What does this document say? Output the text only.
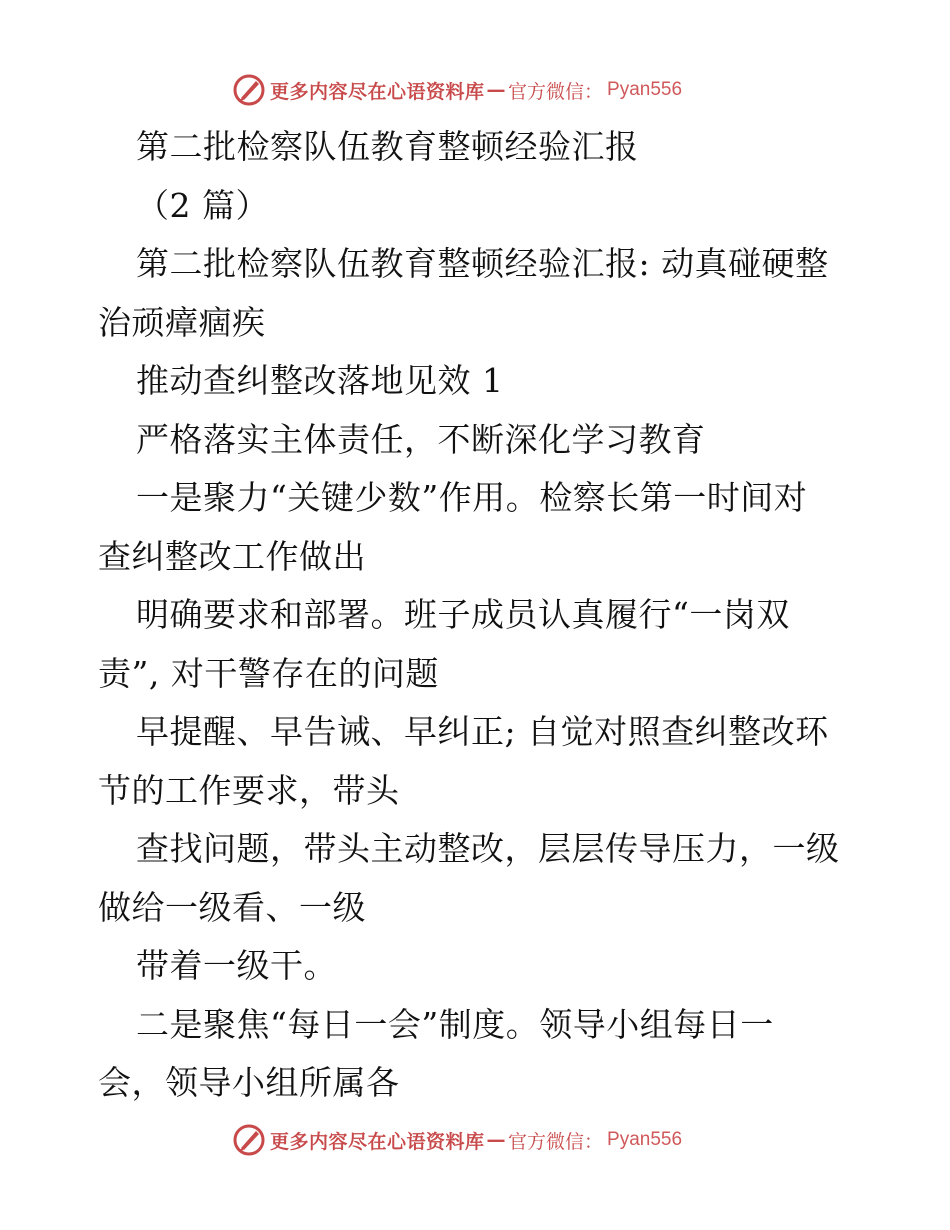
更多内容尽在心语资料库 — 官方微信： Pyan556
第二批检察队伍教育整顿经验汇报
（2 篇）
第二批检察队伍教育整顿经验汇报: 动真碰硬整
治顽瘴痼疾
推动查纠整改落地见效 1
严格落实主体责任，不断深化学习教育
一是聚力“关键少数”作用。检察长第一时间对
查纠整改工作做出
明确要求和部署。班子成员认真履行“一岗双
责”, 对干警存在的问题
早提醒、早告诫、早纠正; 自觉对照查纠整改环
节的工作要求，带头
查找问题，带头主动整改，层层传导压力，一级
做给一级看、一级
带着一级干。
二是聚焦“每日一会”制度。领导小组每日一
会，领导小组所属各
更多内容尽在心语资料库 — 官方微信： Pyan556
